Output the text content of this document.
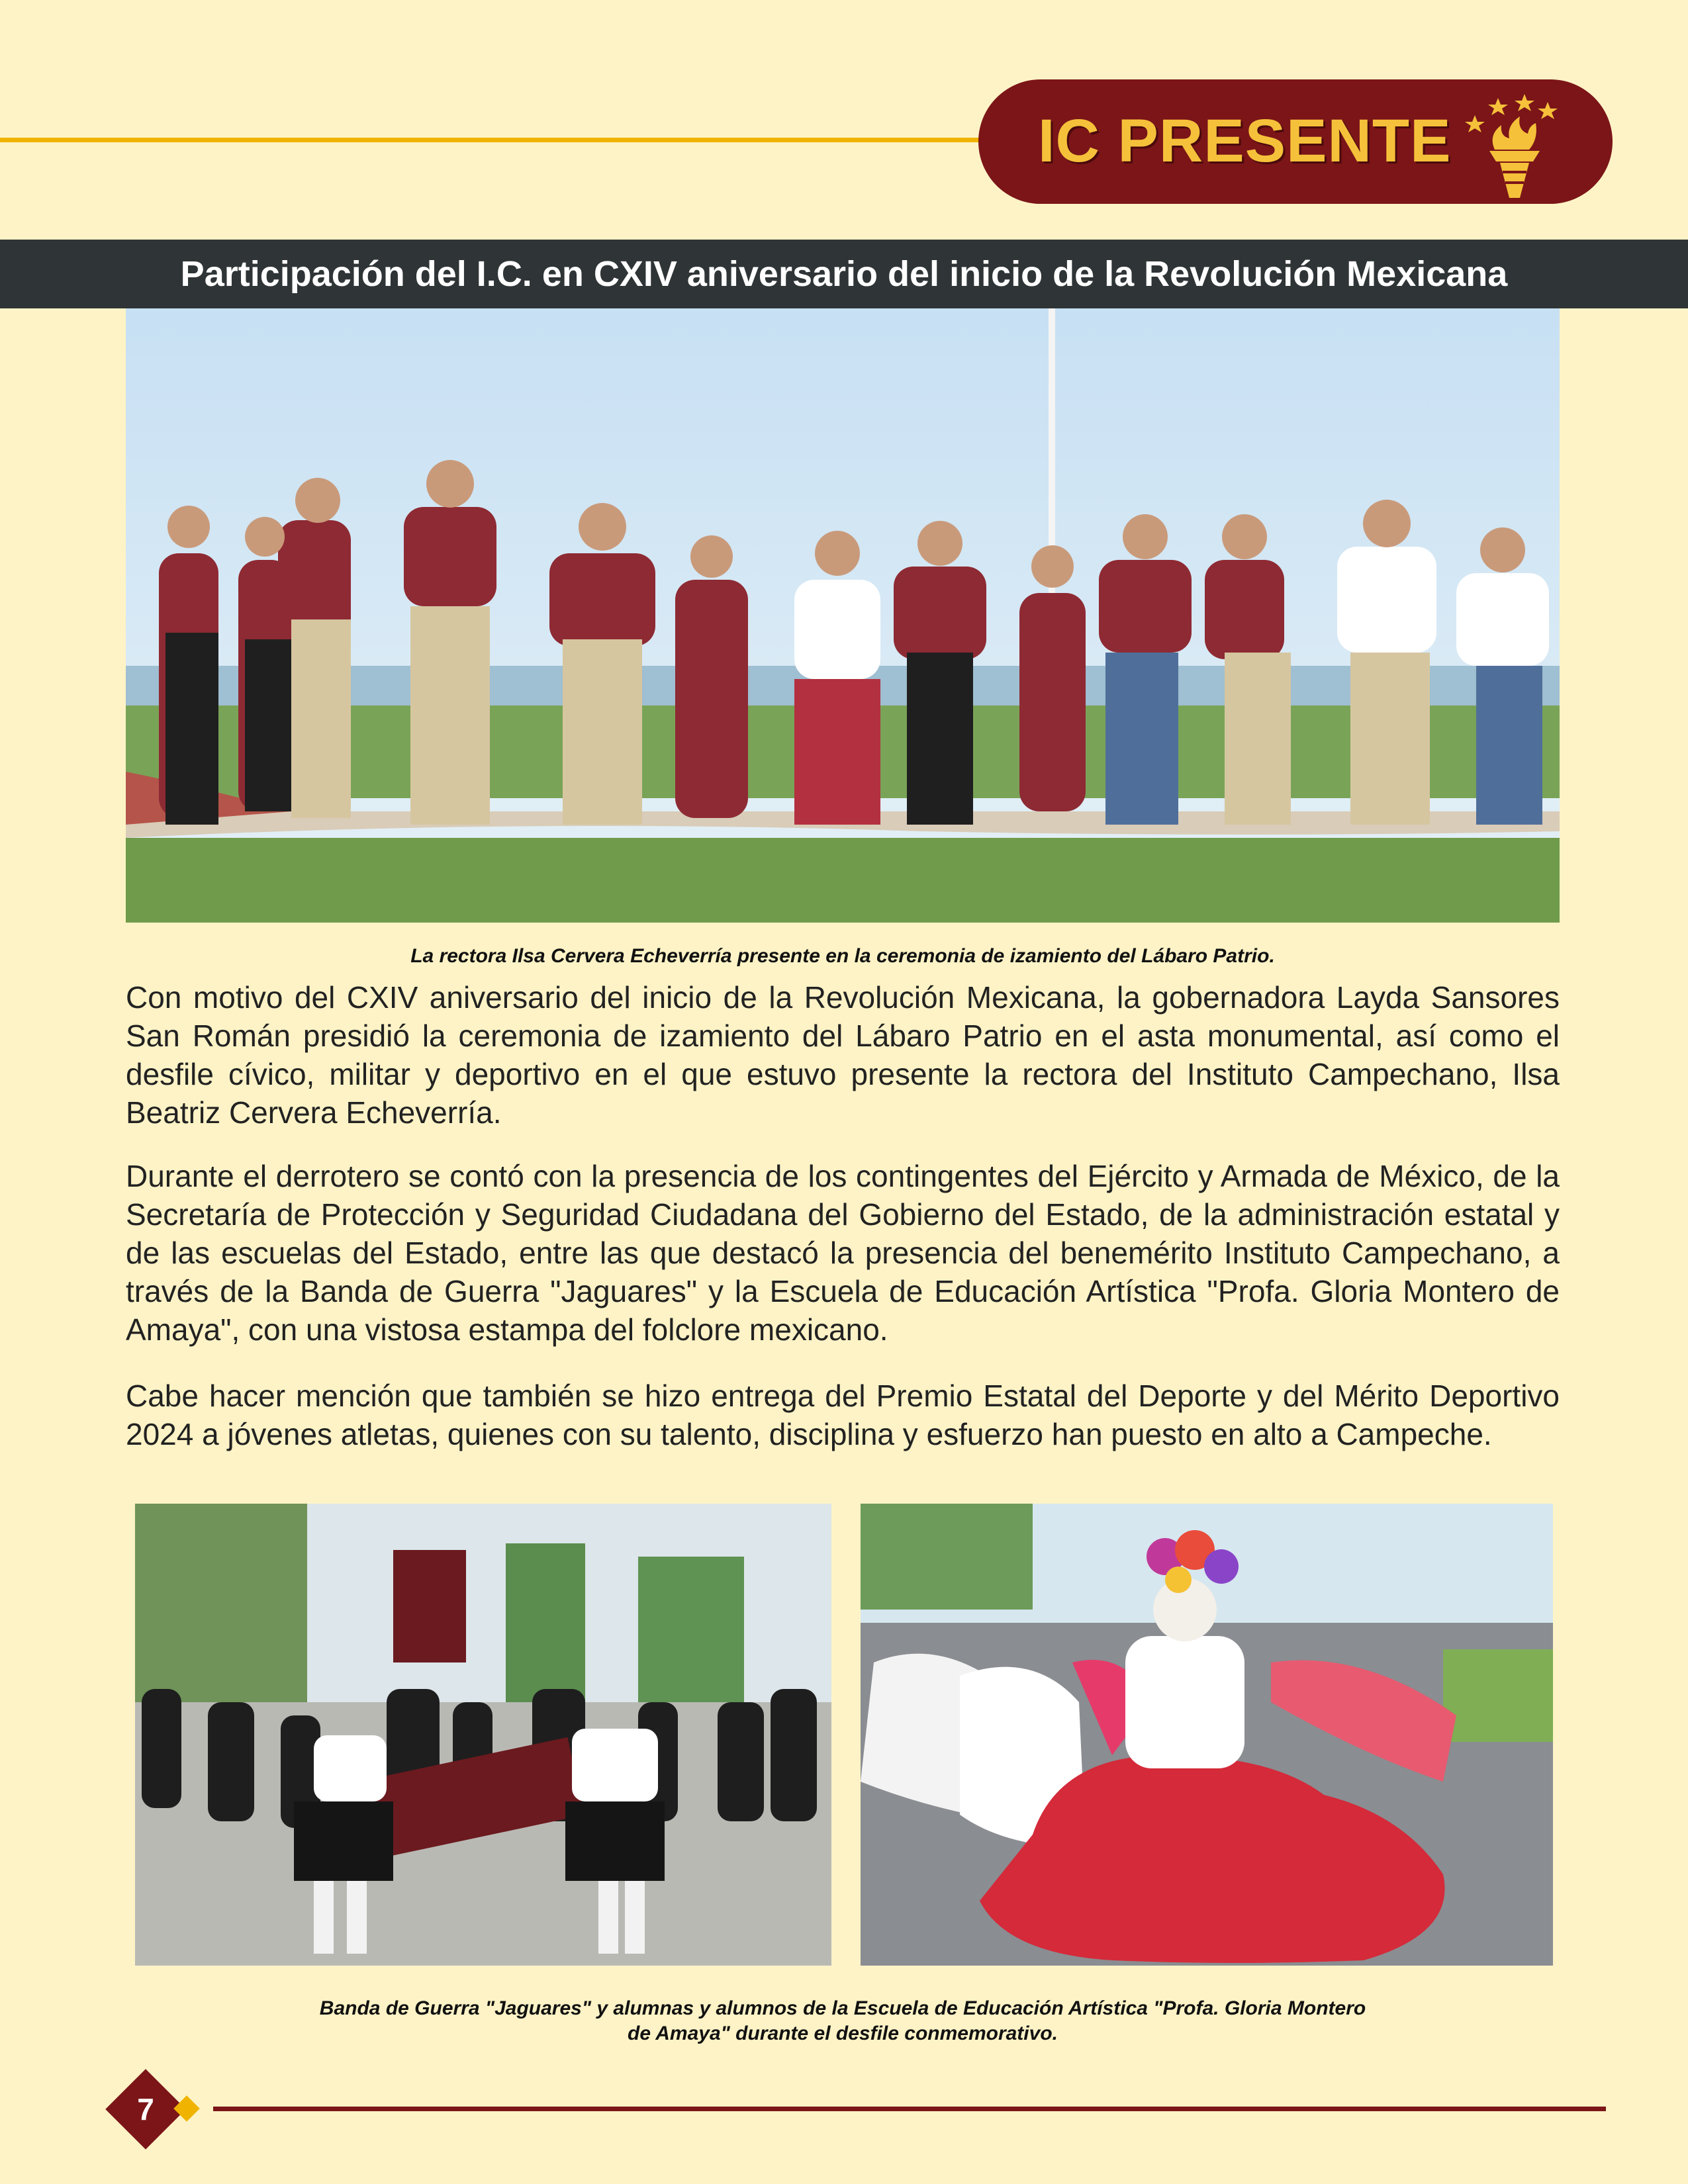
IC PRESENTE
Participación del I.C. en CXIV aniversario del inicio de la Revolución Mexicana
La rectora Ilsa Cervera Echeverría presente en la ceremonia de izamiento del Lábaro Patrio.

Con motivo del CXIV aniversario del inicio de la Revolución Mexicana, la gobernadora Layda Sansores San Román presidió la ceremonia de izamiento del Lábaro Patrio en el asta monumental, así como el desfile cívico, militar y deportivo en el que estuvo presente la rectora del Instituto Campechano, Ilsa Beatriz Cervera Echeverría.

Durante el derrotero se contó con la presencia de los contingentes del Ejército y Armada de México, de la Secretaría de Protección y Seguridad Ciudadana del Gobierno del Estado, de la administración estatal y de las escuelas del Estado, entre las que destacó la presencia del benemérito Instituto Campechano, a través de la Banda de Guerra "Jaguares" y la Escuela de Educación Artística "Profa. Gloria Montero de Amaya", con una vistosa estampa del folclore mexicano.

Cabe hacer mención que también se hizo entrega del Premio Estatal del Deporte y del Mérito Deportivo 2024 a jóvenes atletas, quienes con su talento, disciplina y esfuerzo han puesto en alto a Campeche.

Banda de Guerra "Jaguares" y alumnas y alumnos de la Escuela de Educación Artística "Profa. Gloria Montero
de Amaya" durante el desfile conmemorativo.
7
